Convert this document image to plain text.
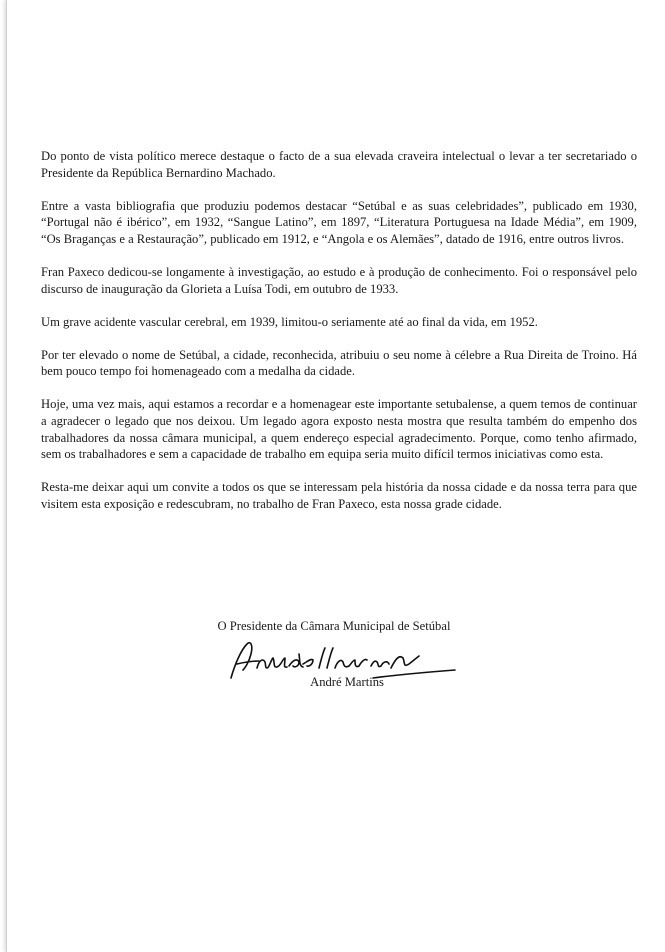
Do ponto de vista político merece destaque o facto de a sua elevada craveira intelectual o levar a ter secretariado o Presidente da República Bernardino Machado.

Entre a vasta bibliografia que produziu podemos destacar “Setúbal e as suas celebridades”, publicado em 1930, “Portugal não é ibérico”, em 1932, “Sangue Latino”, em 1897, “Literatura Portuguesa na Idade Média”, em 1909, “Os Braganças e a Restauração”, publicado em 1912, e “Angola e os Alemães”, datado de 1916, entre outros livros.

Fran Paxeco dedicou-se longamente à investigação, ao estudo e à produção de conhecimento. Foi o responsável pelo discurso de inauguração da Glorieta a Luísa Todi, em outubro de 1933.

Um grave acidente vascular cerebral, em 1939, limitou-o seriamente até ao final da vida, em 1952.

Por ter elevado o nome de Setúbal, a cidade, reconhecida, atribuiu o seu nome à célebre a Rua Direita de Troino. Há bem pouco tempo foi homenageado com a medalha da cidade.

Hoje, uma vez mais, aqui estamos a recordar e a homenagear este importante setubalense, a quem temos de continuar a agradecer o legado que nos deixou. Um legado agora exposto nesta mostra que resulta também do empenho dos trabalhadores da nossa câmara municipal, a quem endereço especial agradecimento. Porque, como tenho afirmado, sem os trabalhadores e sem a capacidade de trabalho em equipa seria muito difícil termos iniciativas como esta.

Resta-me deixar aqui um convite a todos os que se interessam pela história da nossa cidade e da nossa terra para que visitem esta exposição e redescubram, no trabalho de Fran Paxeco, esta nossa grade cidade.

O Presidente da Câmara Municipal de Setúbal
André Martins
